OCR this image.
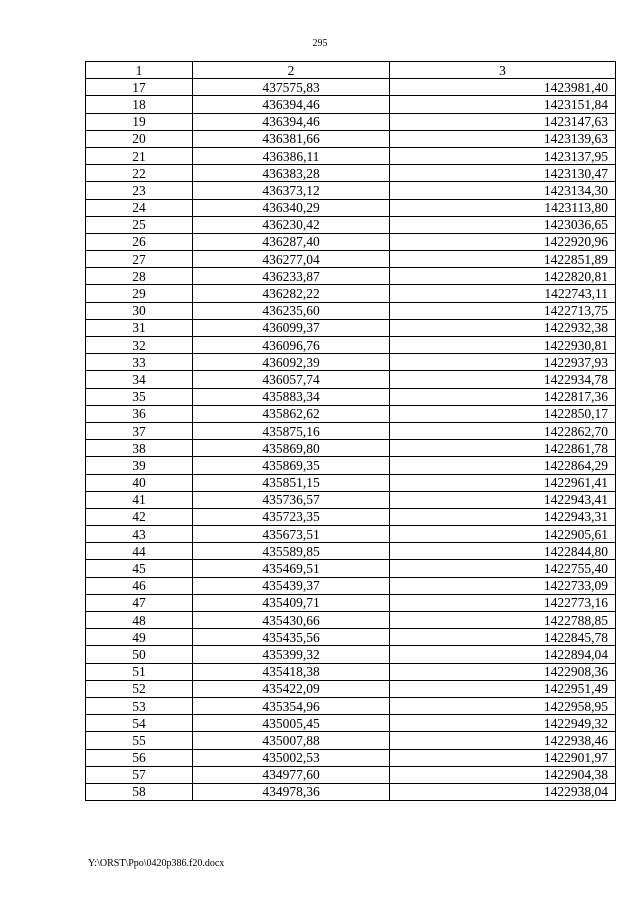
295
1	2	3
17	437575,83	1423981,40
18	436394,46	1423151,84
19	436394,46	1423147,63
20	436381,66	1423139,63
21	436386,11	1423137,95
22	436383,28	1423130,47
23	436373,12	1423134,30
24	436340,29	1423113,80
25	436230,42	1423036,65
26	436287,40	1422920,96
27	436277,04	1422851,89
28	436233,87	1422820,81
29	436282,22	1422743,11
30	436235,60	1422713,75
31	436099,37	1422932,38
32	436096,76	1422930,81
33	436092,39	1422937,93
34	436057,74	1422934,78
35	435883,34	1422817,36
36	435862,62	1422850,17
37	435875,16	1422862,70
38	435869,80	1422861,78
39	435869,35	1422864,29
40	435851,15	1422961,41
41	435736,57	1422943,41
42	435723,35	1422943,31
43	435673,51	1422905,61
44	435589,85	1422844,80
45	435469,51	1422755,40
46	435439,37	1422733,09
47	435409,71	1422773,16
48	435430,66	1422788,85
49	435435,56	1422845,78
50	435399,32	1422894,04
51	435418,38	1422908,36
52	435422,09	1422951,49
53	435354,96	1422958,95
54	435005,45	1422949,32
55	435007,88	1422938,46
56	435002,53	1422901,97
57	434977,60	1422904,38
58	434978,36	1422938,04
Y:\ORST\Ppo\0420p386.f20.docx
